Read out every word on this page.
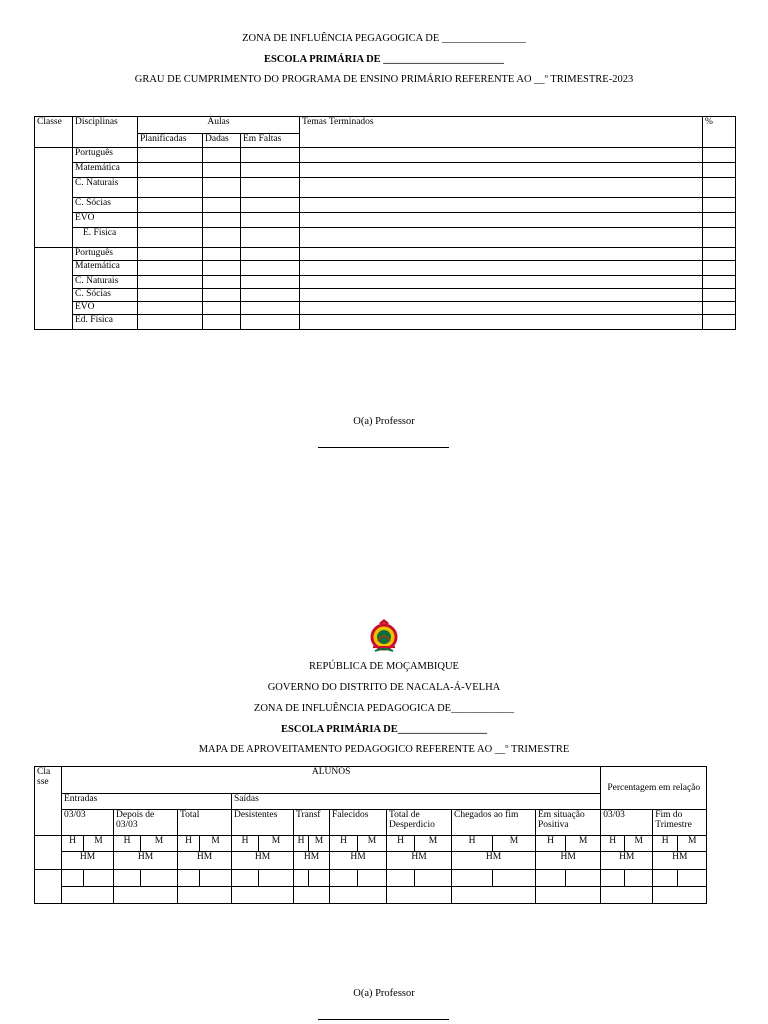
ZONA DE INFLUÊNCIA PEGAGOGICA DE ________________
ESCOLA PRIMÁRIA DE _______________________
GRAU DE CUMPRIMENTO DO PROGRAMA DE ENSINO PRIMÁRIO REFERENTE AO __º TRIMESTRE-2023
Classe	Disciplinas	Aulas			Temas Terminados	%
		Planificadas	Dadas	Em Faltas		
	Português					
	Matemática					
	C. Naturais					
	C. Sócias					
	EVO					
	E. Física					
	Português					
	Matemática					
	C. Naturais					
	C. Sócias					
	EVO					
	Ed. Física					
O(a) Professor
REPÚBLICA DE MOÇAMBIQUE
GOVERNO DO DISTRITO DE NACALA-Á-VELHA
ZONA DE INFLUÊNCIA PEDAGOGICA DE____________
ESCOLA PRIMÁRIA DE_________________
MAPA DE APROVEITAMENTO PEDAGOGICO REFERENTE AO __º TRIMESTRE
Cla sse	ALUNOS																		Percentagem em relação			
	Entradas						Saídas															
	03/03		Depois de 03/03		Total		Desistentes		Transf		Falecidos		Total de Desperdicio		Chegados ao fim		Em situação Positiva		03/03		Fim do Trimestre	
	H	M	H	M	H	M	H	M	H	M	H	M	H	M	H	M	H	M	H	M	H	M
	HM		HM		HM		HM		HM		HM		HM		HM		HM		HM		HM	

O(a) Professor
